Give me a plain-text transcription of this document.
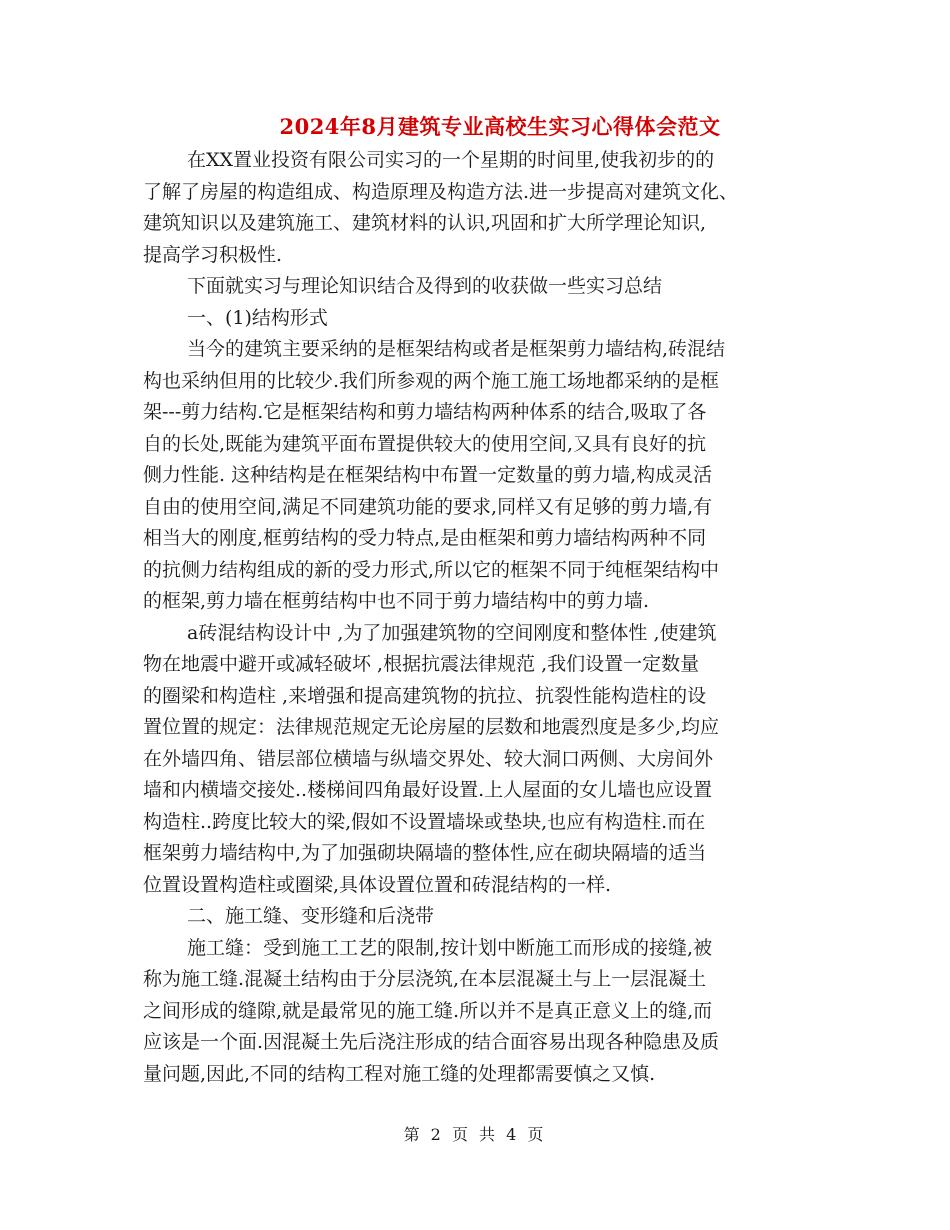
2024年8月建筑专业高校生实习心得体会范文
在XX置业投资有限公司实习的一个星期的时间里,使我初步的的
了解了房屋的构造组成、构造原理及构造方法.进一步提高对建筑文化、
建筑知识以及建筑施工、建筑材料的认识,巩固和扩大所学理论知识,
提高学习积极性.
下面就实习与理论知识结合及得到的收获做一些实习总结
一、(1)结构形式
当今的建筑主要采纳的是框架结构或者是框架剪力墙结构,砖混结
构也采纳但用的比较少.我们所参观的两个施工施工场地都采纳的是框
架---剪力结构.它是框架结构和剪力墙结构两种体系的结合,吸取了各
自的长处,既能为建筑平面布置提供较大的使用空间,又具有良好的抗
侧力性能. 这种结构是在框架结构中布置一定数量的剪力墙,构成灵活
自由的使用空间,满足不同建筑功能的要求,同样又有足够的剪力墙,有
相当大的刚度,框剪结构的受力特点,是由框架和剪力墙结构两种不同
的抗侧力结构组成的新的受力形式,所以它的框架不同于纯框架结构中
的框架,剪力墙在框剪结构中也不同于剪力墙结构中的剪力墙.
a砖混结构设计中 ,为了加强建筑物的空间刚度和整体性 ,使建筑
物在地震中避开或减轻破坏 ,根据抗震法律规范 ,我们设置一定数量
的圈梁和构造柱 ,来增强和提高建筑物的抗拉、抗裂性能构造柱的设
置位置的规定：法律规范规定无论房屋的层数和地震烈度是多少,均应
在外墙四角、错层部位横墙与纵墙交界处、较大洞口两侧、大房间外
墙和内横墙交接处..楼梯间四角最好设置.上人屋面的女儿墙也应设置
构造柱..跨度比较大的梁,假如不设置墙垛或垫块,也应有构造柱.而在
框架剪力墙结构中,为了加强砌块隔墙的整体性,应在砌块隔墙的适当
位置设置构造柱或圈梁,具体设置位置和砖混结构的一样.
二、施工缝、变形缝和后浇带
施工缝：受到施工工艺的限制,按计划中断施工而形成的接缝,被
称为施工缝.混凝土结构由于分层浇筑,在本层混凝土与上一层混凝土
之间形成的缝隙,就是最常见的施工缝.所以并不是真正意义上的缝,而
应该是一个面.因混凝土先后浇注形成的结合面容易出现各种隐患及质
量问题,因此,不同的结构工程对施工缝的处理都需要慎之又慎.
第 2 页 共 4 页
